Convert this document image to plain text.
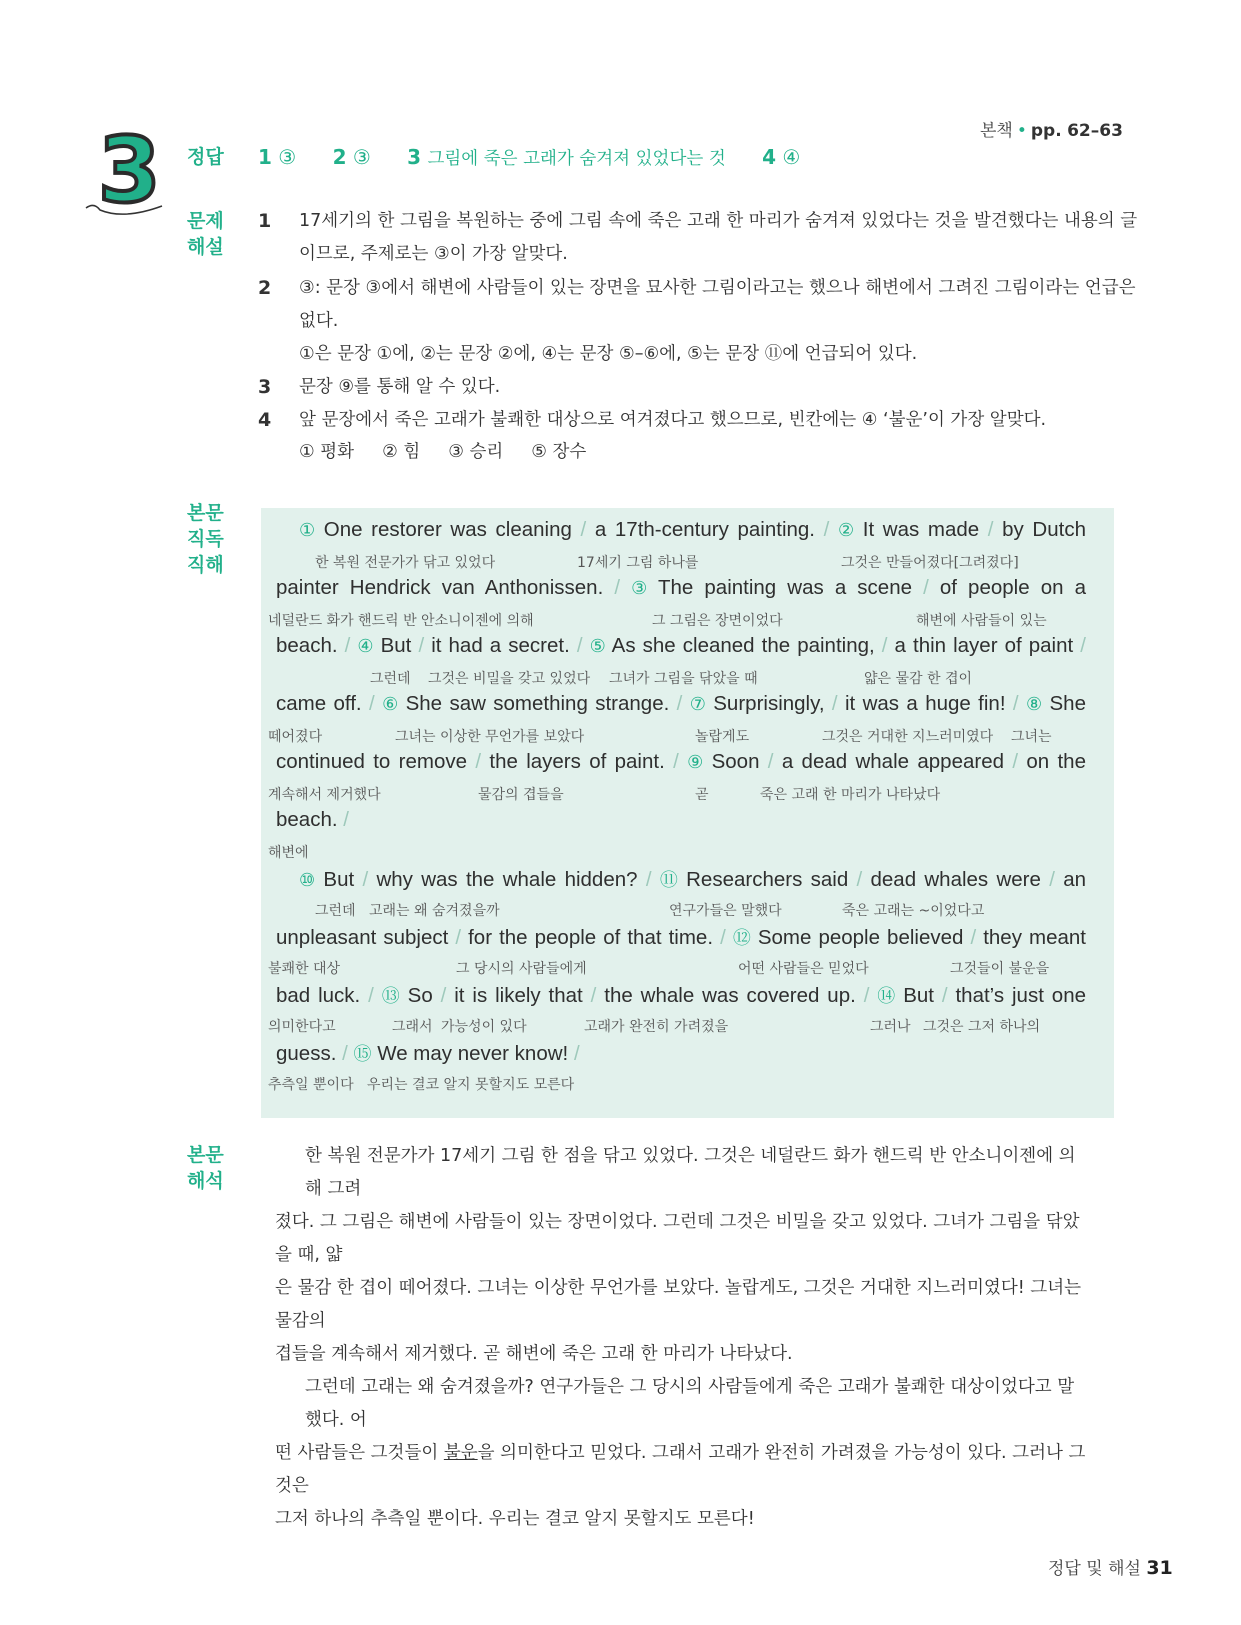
본책 • pp. 62–63
3 정답 1 ③ 2 ③ 3 그림에 죽은 고래가 숨겨져 있었다는 것 4 ④
문제
해설
1 17세기의 한 그림을 복원하는 중에 그림 속에 죽은 고래 한 마리가 숨겨져 있었다는 것을 발견했다는 내용의 글
이므로, 주제로는 ③이 가장 알맞다.
2 ③: 문장 ③에서 해변에 사람들이 있는 장면을 묘사한 그림이라고는 했으나 해변에서 그려진 그림이라는 언급은
없다.
①은 문장 ①에, ②는 문장 ②에, ④는 문장 ⑤–⑥에, ⑤는 문장 ⑪에 언급되어 있다.
3 문장 ⑨를 통해 알 수 있다.
4 앞 문장에서 죽은 고래가 불쾌한 대상으로 여겨졌다고 했으므로, 빈칸에는 ④ ‘불운’이 가장 알맞다.
① 평화 ② 힘 ③ 승리 ⑤ 장수
본문
직독
직해
① One restorer was cleaning / a 17th-century painting. / ② It was made / by Dutch
한 복원 전문가가 닦고 있었다	17세기 그림 하나를	그것은 만들어졌다[그려졌다]
painter Hendrick van Anthonissen. / ③ The painting was a scene / of people on a
네덜란드 화가 핸드릭 반 안소니이젠에 의해	그 그림은 장면이었다	해변에 사람들이 있는
beach. / ④ But / it had a secret. / ⑤ As she cleaned the painting, / a thin layer of paint /
그런데 그것은 비밀을 갖고 있었다 그녀가 그림을 닦았을 때	얇은 물감 한 겹이
came off. / ⑥ She saw something strange. / ⑦ Surprisingly, / it was a huge fin! / ⑧ She
떼어졌다	그녀는 이상한 무언가를 보았다	놀랍게도	그것은 거대한 지느러미였다 그녀는
continued to remove / the layers of paint. / ⑨ Soon / a dead whale appeared / on the
계속해서 제거했다	물감의 겹들을	곧	죽은 고래 한 마리가 나타났다
beach. /
해변에
⑩ But / why was the whale hidden? / ⑪ Researchers said / dead whales were / an
그런데 고래는 왜 숨겨졌을까	연구가들은 말했다	죽은 고래는 ~이었다고
unpleasant subject / for the people of that time. / ⑫ Some people believed / they meant
불쾌한 대상	그 당시의 사람들에게	어떤 사람들은 믿었다	그것들이 불운을
bad luck. / ⑬ So / it is likely that / the whale was covered up. / ⑭ But / that’s just one
의미한다고	그래서 가능성이 있다	고래가 완전히 가려졌을	그러나 그것은 그저 하나의
guess. / ⑮ We may never know! /
추측일 뿐이다 우리는 결코 알지 못할지도 모른다
본문
해석
한 복원 전문가가 17세기 그림 한 점을 닦고 있었다. 그것은 네덜란드 화가 핸드릭 반 안소니이젠에 의해 그려
졌다. 그 그림은 해변에 사람들이 있는 장면이었다. 그런데 그것은 비밀을 갖고 있었다. 그녀가 그림을 닦았을 때, 얇
은 물감 한 겹이 떼어졌다. 그녀는 이상한 무언가를 보았다. 놀랍게도, 그것은 거대한 지느러미였다! 그녀는 물감의
겹들을 계속해서 제거했다. 곧 해변에 죽은 고래 한 마리가 나타났다.
그런데 고래는 왜 숨겨졌을까? 연구가들은 그 당시의 사람들에게 죽은 고래가 불쾌한 대상이었다고 말했다. 어
떤 사람들은 그것들이 불운을 의미한다고 믿었다. 그래서 고래가 완전히 가려졌을 가능성이 있다. 그러나 그것은
그저 하나의 추측일 뿐이다. 우리는 결코 알지 못할지도 모른다!
정답 및 해설 31
